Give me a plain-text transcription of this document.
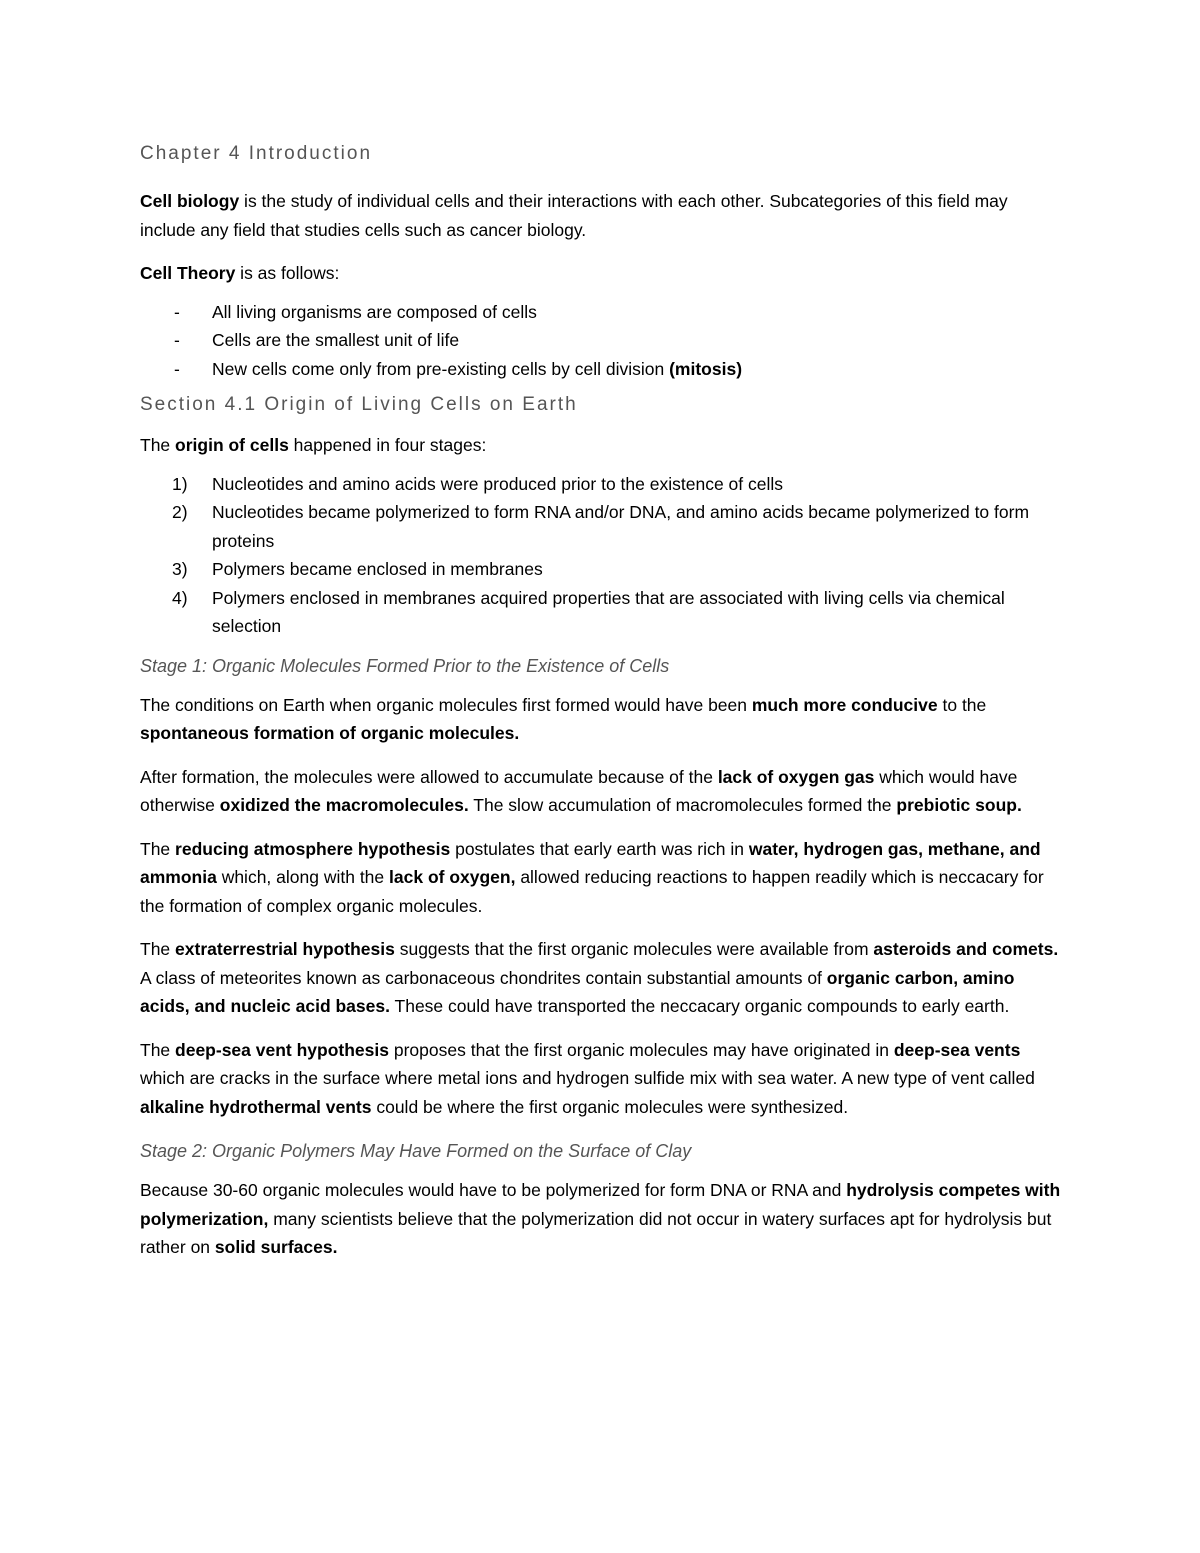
Chapter 4 Introduction

Cell biology is the study of individual cells and their interactions with each other. Subcategories of this field may include any field that studies cells such as cancer biology.

Cell Theory is as follows:

- All living organisms are composed of cells
- Cells are the smallest unit of life
- New cells come only from pre-existing cells by cell division (mitosis)
Section 4.1 Origin of Living Cells on Earth

The origin of cells happened in four stages:

1) Nucleotides and amino acids were produced prior to the existence of cells
2) Nucleotides became polymerized to form RNA and/or DNA, and amino acids became polymerized to form proteins
3) Polymers became enclosed in membranes
4) Polymers enclosed in membranes acquired properties that are associated with living cells via chemical selection
Stage 1: Organic Molecules Formed Prior to the Existence of Cells

The conditions on Earth when organic molecules first formed would have been much more conducive to the spontaneous formation of organic molecules.

After formation, the molecules were allowed to accumulate because of the lack of oxygen gas which would have otherwise oxidized the macromolecules. The slow accumulation of macromolecules formed the prebiotic soup.

The reducing atmosphere hypothesis postulates that early earth was rich in water, hydrogen gas, methane, and ammonia which, along with the lack of oxygen, allowed reducing reactions to happen readily which is neccacary for the formation of complex organic molecules.

The extraterrestrial hypothesis suggests that the first organic molecules were available from asteroids and comets. A class of meteorites known as carbonaceous chondrites contain substantial amounts of organic carbon, amino acids, and nucleic acid bases. These could have transported the neccacary organic compounds to early earth.

The deep-sea vent hypothesis proposes that the first organic molecules may have originated in deep-sea vents which are cracks in the surface where metal ions and hydrogen sulfide mix with sea water. A new type of vent called alkaline hydrothermal vents could be where the first organic molecules were synthesized.

Stage 2: Organic Polymers May Have Formed on the Surface of Clay

Because 30-60 organic molecules would have to be polymerized for form DNA or RNA and hydrolysis competes with polymerization, many scientists believe that the polymerization did not occur in watery surfaces apt for hydrolysis but rather on solid surfaces.
